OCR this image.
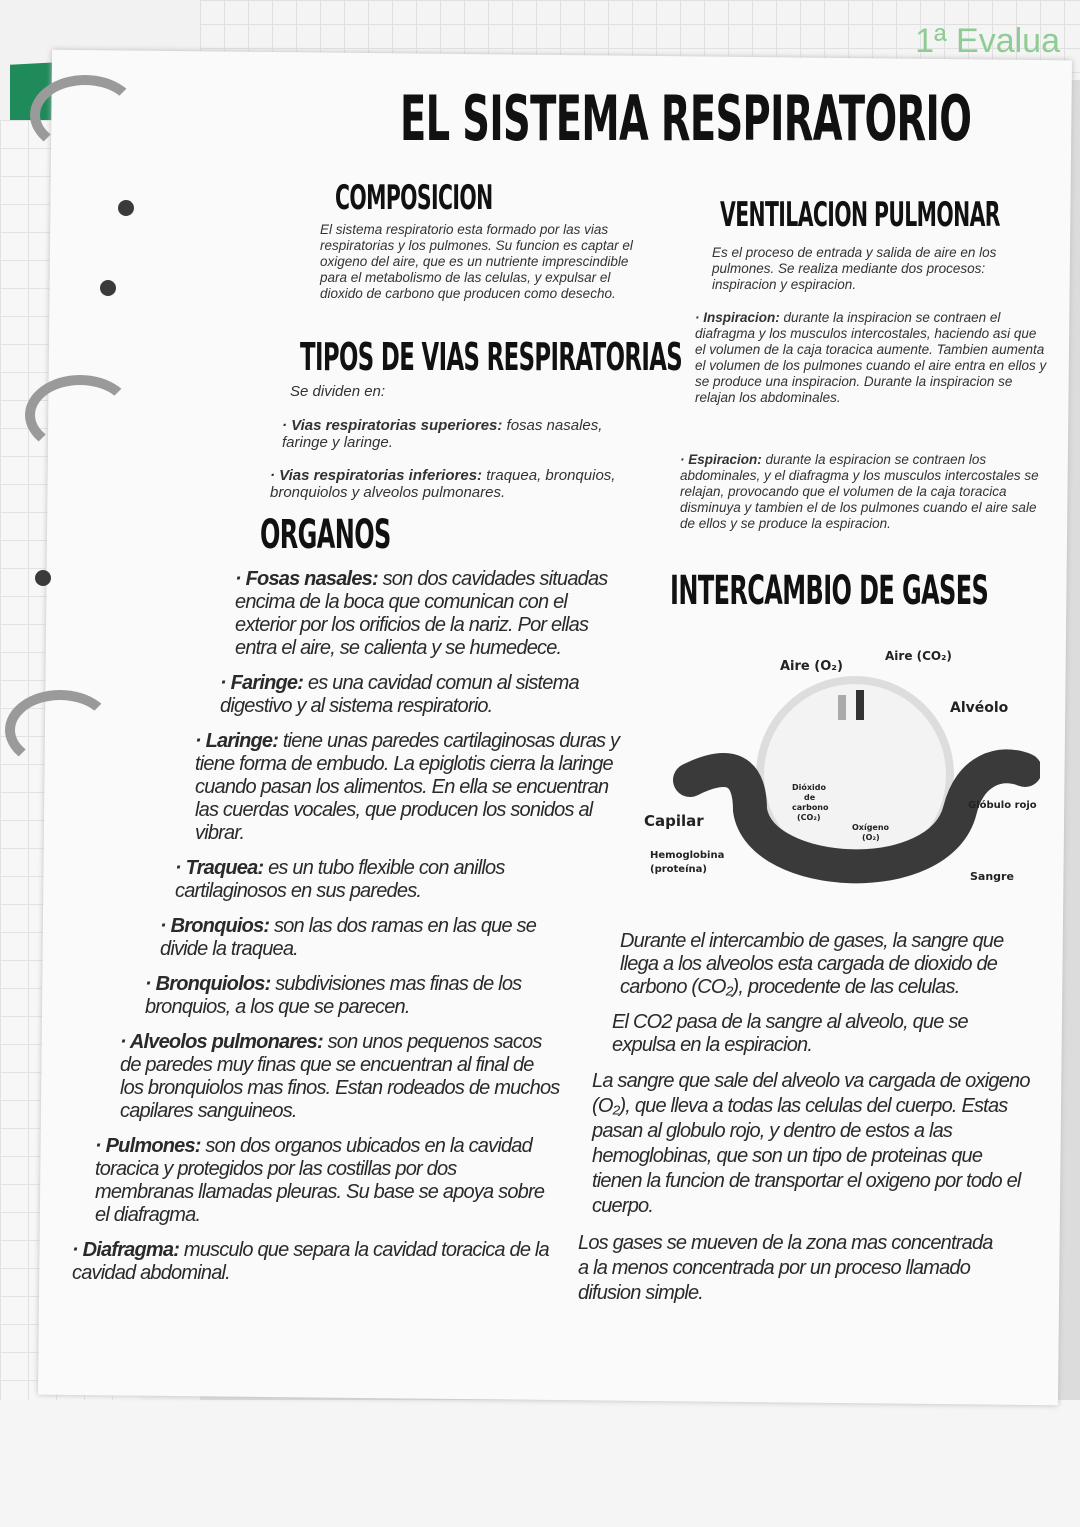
1ª Evalua
EL SISTEMA RESPIRATORIO
COMPOSICION
El sistema respiratorio esta formado por las vias respiratorias y los pulmones. Su funcion es captar el oxigeno del aire, que es un nutriente imprescindible para el metabolismo de las celulas, y expulsar el dioxido de carbono que producen como desecho.
TIPOS DE VIAS RESPIRATORIAS
Se dividen en:
· Vias respiratorias superiores: fosas nasales, faringe y laringe.
· Vias respiratorias inferiores: traquea, bronquios, bronquiolos y alveolos pulmonares.
ORGANOS
· Fosas nasales: son dos cavidades situadas encima de la boca que comunican con el exterior por los orificios de la nariz. Por ellas entra el aire, se calienta y se humedece.
· Faringe: es una cavidad comun al sistema digestivo y al sistema respiratorio.
· Laringe: tiene unas paredes cartilaginosas duras y tiene forma de embudo. La epiglotis cierra la laringe cuando pasan los alimentos. En ella se encuentran las cuerdas vocales, que producen los sonidos al vibrar.
· Traquea: es un tubo flexible con anillos cartilaginosos en sus paredes.
· Bronquios: son las dos ramas en las que se divide la traquea.
· Bronquiolos: subdivisiones mas finas de los bronquios, a los que se parecen.
· Alveolos pulmonares: son unos pequenos sacos de paredes muy finas que se encuentran al final de los bronquiolos mas finos. Estan rodeados de muchos capilares sanguineos.
· Pulmones: son dos organos ubicados en la cavidad toracica y protegidos por las costillas por dos membranas llamadas pleuras. Su base se apoya sobre el diafragma.
· Diafragma: musculo que separa la cavidad toracica de la cavidad abdominal.
VENTILACION PULMONAR
Es el proceso de entrada y salida de aire en los pulmones. Se realiza mediante dos procesos: inspiracion y espiracion.
· Inspiracion: durante la inspiracion se contraen el diafragma y los musculos intercostales, haciendo asi que el volumen de la caja toracica aumente. Tambien aumenta el volumen de los pulmones cuando el aire entra en ellos y se produce una inspiracion. Durante la inspiracion se relajan los abdominales.
· Espiracion: durante la espiracion se contraen los abdominales, y el diafragma y los musculos intercostales se relajan, provocando que el volumen de la caja toracica disminuya y tambien el de los pulmones cuando el aire sale de ellos y se produce la espiracion.
INTERCAMBIO DE GASES
Aire (O₂)
Aire (CO₂)
Alvéolo
Capilar
Glóbulo rojo
Sangre
Hemoglobina
(proteína)
Dióxido
de
carbono
(CO₂)
Oxígeno
(O₂)
Durante el intercambio de gases, la sangre que llega a los alveolos esta cargada de dioxido de carbono (CO₂), procedente de las celulas.
El CO2 pasa de la sangre al alveolo, que se expulsa en la espiracion.
La sangre que sale del alveolo va cargada de oxigeno (O₂), que lleva a todas las celulas del cuerpo. Estas pasan al globulo rojo, y dentro de estos a las hemoglobinas, que son un tipo de proteinas que tienen la funcion de transportar el oxigeno por todo el cuerpo.
Los gases se mueven de la zona mas concentrada a la menos concentrada por un proceso llamado difusion simple.
